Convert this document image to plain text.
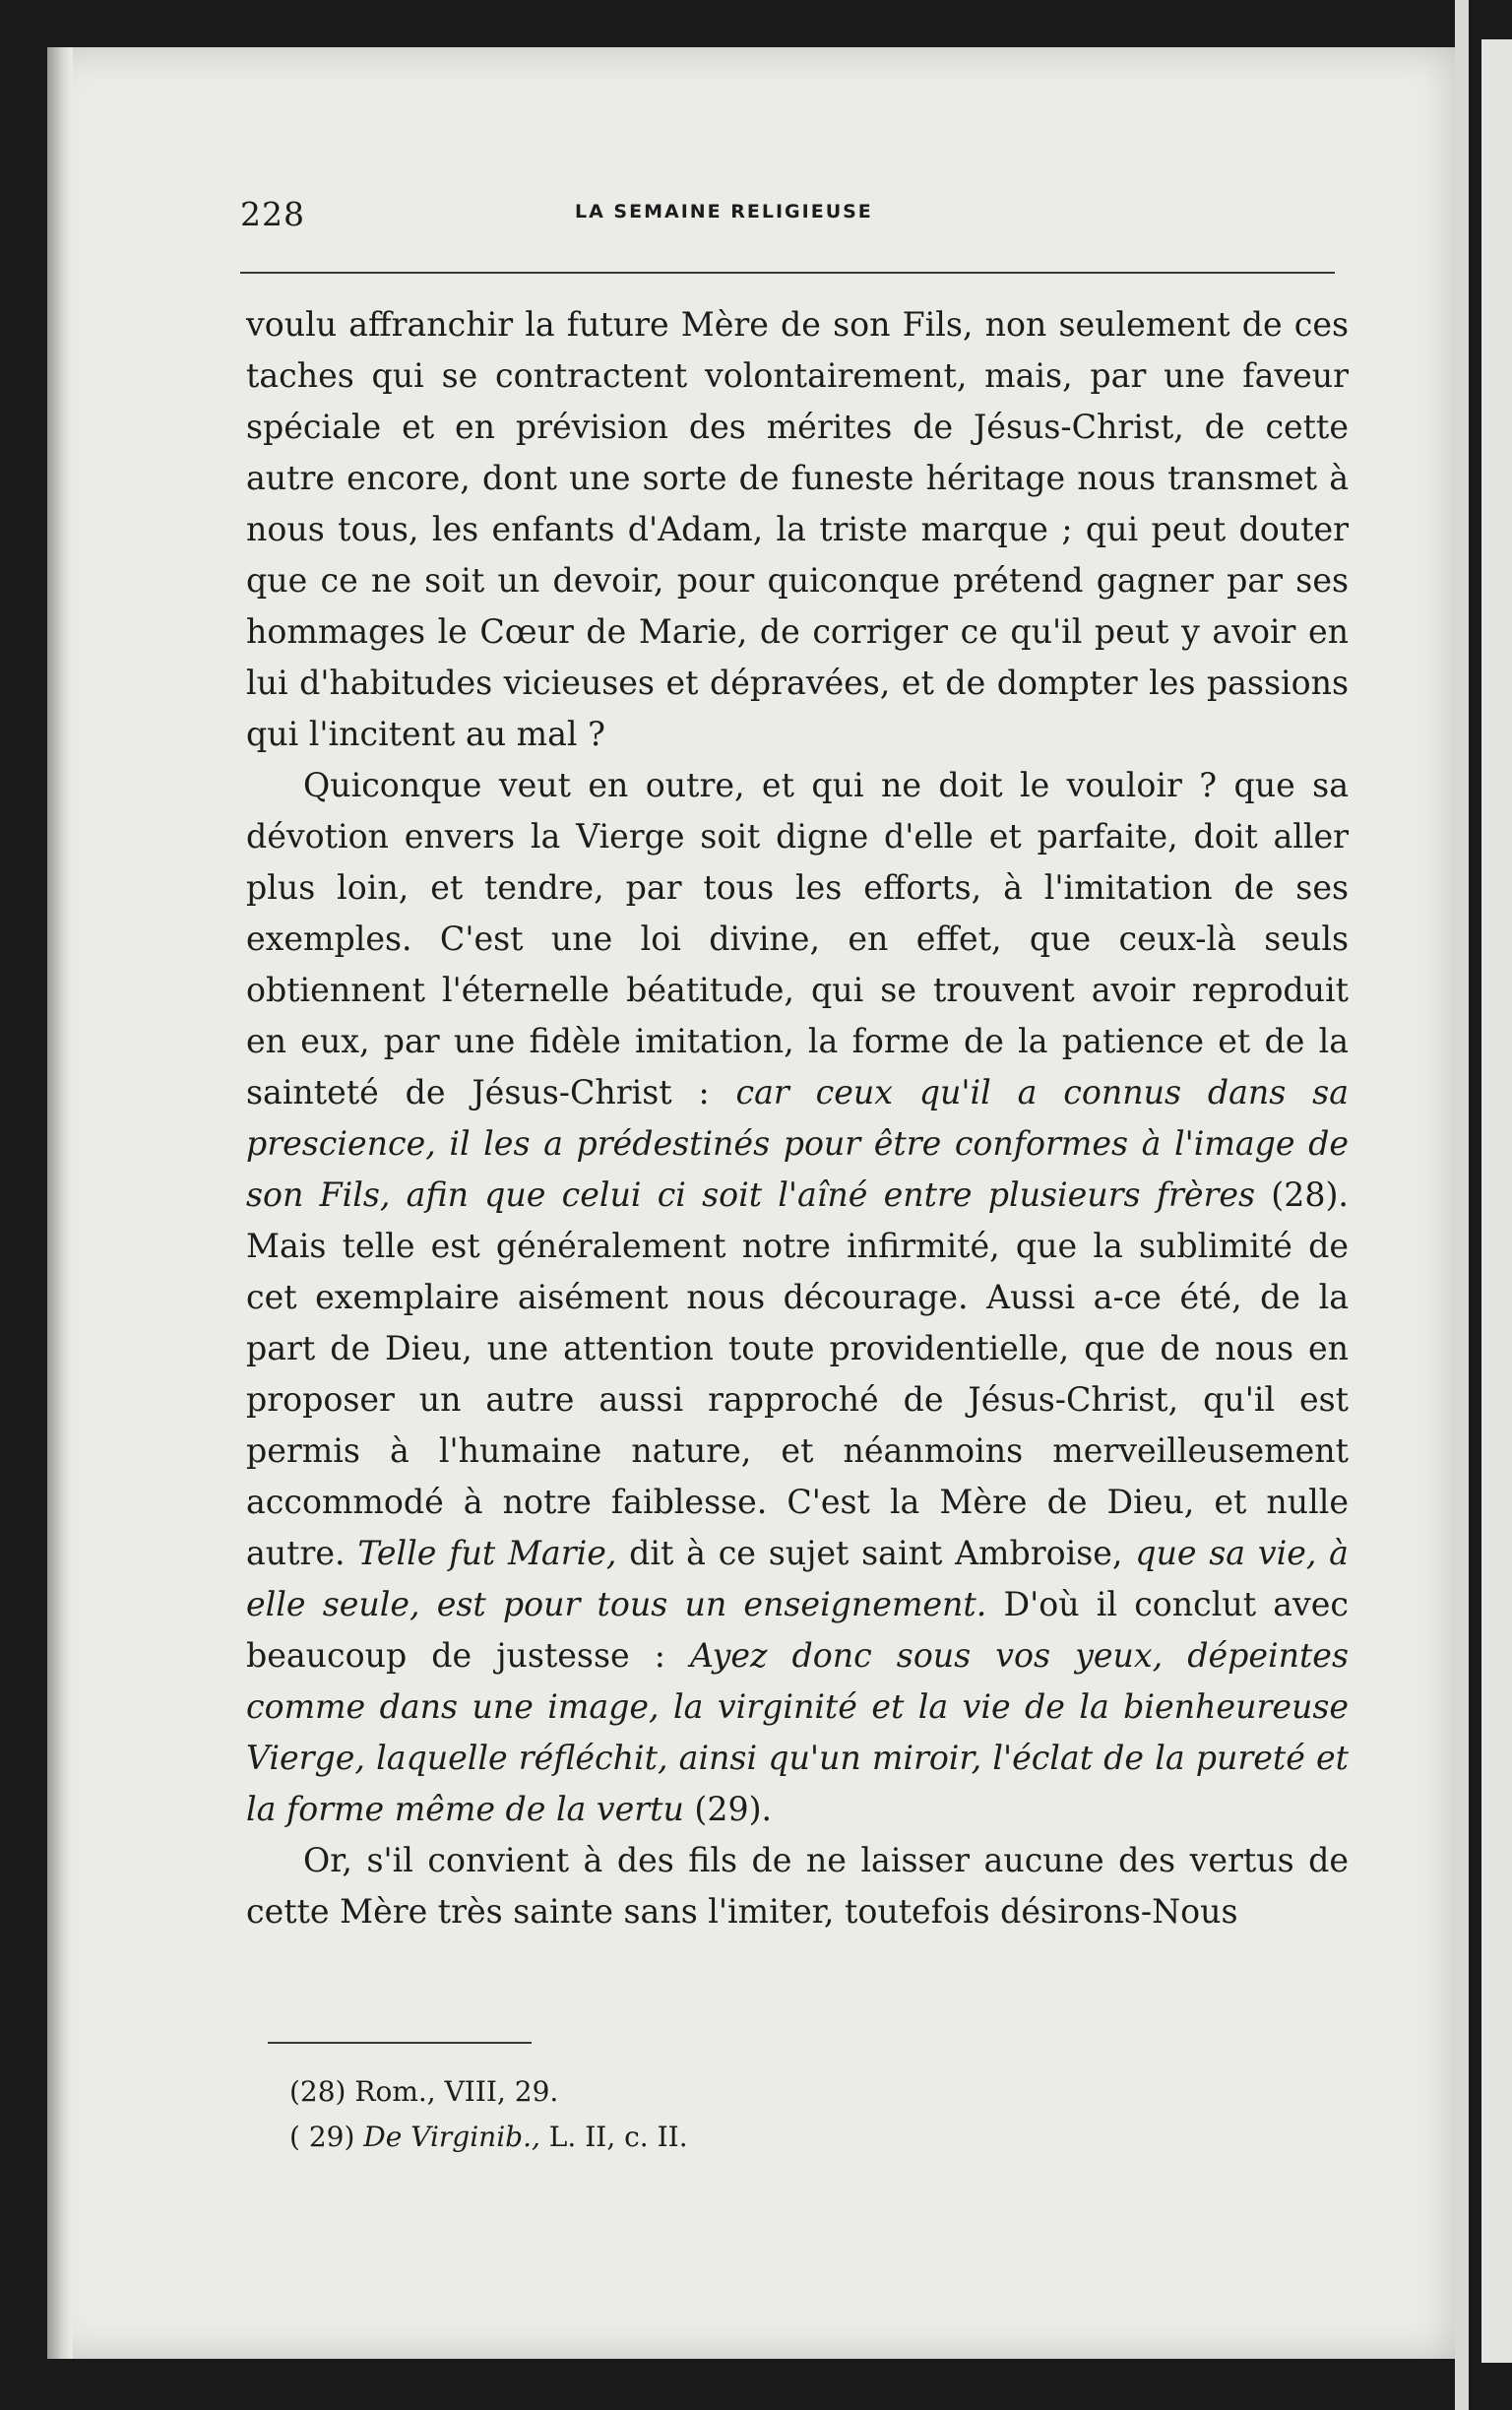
228	LA SEMAINE RELIGIEUSE

voulu affranchir la future Mère de son Fils, non seulement de ces taches qui se contractent volontairement, mais, par une faveur spéciale et en prévision des mérites de Jésus-Christ, de cette autre encore, dont une sorte de funeste héritage nous transmet à nous tous, les enfants d'Adam, la triste marque ; qui peut douter que ce ne soit un devoir, pour quiconque prétend gagner par ses hommages le Cœur de Marie, de corriger ce qu'il peut y avoir en lui d'habitudes vicieuses et dépravées, et de dompter les passions qui l'incitent au mal ?

Quiconque veut en outre, et qui ne doit le vouloir ? que sa dévotion envers la Vierge soit digne d'elle et parfaite, doit aller plus loin, et tendre, par tous les efforts, à l'imitation de ses exemples. C'est une loi divine, en effet, que ceux-là seuls obtiennent l'éternelle béatitude, qui se trouvent avoir reproduit en eux, par une fidèle imitation, la forme de la patience et de la sainteté de Jésus-Christ : car ceux qu'il a connus dans sa prescience, il les a prédestinés pour être conformes à l'image de son Fils, afin que celui ci soit l'aîné entre plusieurs frères (28). Mais telle est généralement notre infirmité, que la sublimité de cet exemplaire aisément nous décourage. Aussi a-ce été, de la part de Dieu, une attention toute providentielle, que de nous en proposer un autre aussi rapproché de Jésus-Christ, qu'il est permis à l'humaine nature, et néanmoins merveilleusement accommodé à notre faiblesse. C'est la Mère de Dieu, et nulle autre. Telle fut Marie, dit à ce sujet saint Ambroise, que sa vie, à elle seule, est pour tous un enseignement. D'où il conclut avec beaucoup de justesse : Ayez donc sous vos yeux, dépeintes comme dans une image, la virginité et la vie de la bienheureuse Vierge, laquelle réfléchit, ainsi qu'un miroir, l'éclat de la pureté et la forme même de la vertu (29).

Or, s'il convient à des fils de ne laisser aucune des vertus de cette Mère très sainte sans l'imiter, toutefois désirons-Nous

(28) Rom., VIII, 29.
( 29) De Virginib., L. II, c. II.
